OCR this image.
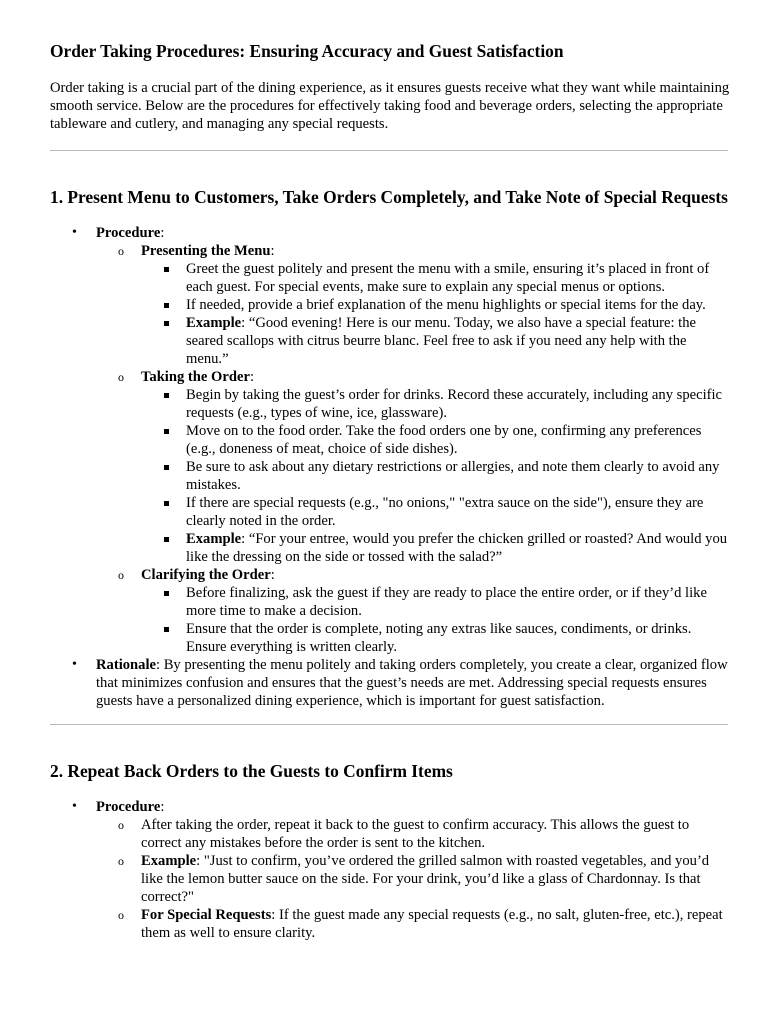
Order Taking Procedures: Ensuring Accuracy and Guest Satisfaction

Order taking is a crucial part of the dining experience, as it ensures guests receive what they want while maintaining smooth service. Below are the procedures for effectively taking food and beverage orders, selecting the appropriate tableware and cutlery, and managing any special requests.

1. Present Menu to Customers, Take Orders Completely, and Take Note of Special Requests
• Procedure:
o Presenting the Menu:
Greet the guest politely and present the menu with a smile, ensuring it’s placed in front of each guest. For special events, make sure to explain any special menus or options.
If needed, provide a brief explanation of the menu highlights or special items for the day.
Example: “Good evening! Here is our menu. Today, we also have a special feature: the seared scallops with citrus beurre blanc. Feel free to ask if you need any help with the menu.”
o Taking the Order:
Begin by taking the guest’s order for drinks. Record these accurately, including any specific requests (e.g., types of wine, ice, glassware).
Move on to the food order. Take the food orders one by one, confirming any preferences (e.g., doneness of meat, choice of side dishes).
Be sure to ask about any dietary restrictions or allergies, and note them clearly to avoid any mistakes.
If there are special requests (e.g., "no onions," "extra sauce on the side"), ensure they are clearly noted in the order.
Example: “For your entree, would you prefer the chicken grilled or roasted? And would you like the dressing on the side or tossed with the salad?”
o Clarifying the Order:
Before finalizing, ask the guest if they are ready to place the entire order, or if they’d like more time to make a decision.
Ensure that the order is complete, noting any extras like sauces, condiments, or drinks. Ensure everything is written clearly.
• Rationale: By presenting the menu politely and taking orders completely, you create a clear, organized flow that minimizes confusion and ensures that the guest’s needs are met. Addressing special requests ensures guests have a personalized dining experience, which is important for guest satisfaction.
2. Repeat Back Orders to the Guests to Confirm Items
• Procedure:
o After taking the order, repeat it back to the guest to confirm accuracy. This allows the guest to correct any mistakes before the order is sent to the kitchen.
o Example: "Just to confirm, you’ve ordered the grilled salmon with roasted vegetables, and you’d like the lemon butter sauce on the side. For your drink, you’d like a glass of Chardonnay. Is that correct?"
o For Special Requests: If the guest made any special requests (e.g., no salt, gluten-free, etc.), repeat them as well to ensure clarity.
